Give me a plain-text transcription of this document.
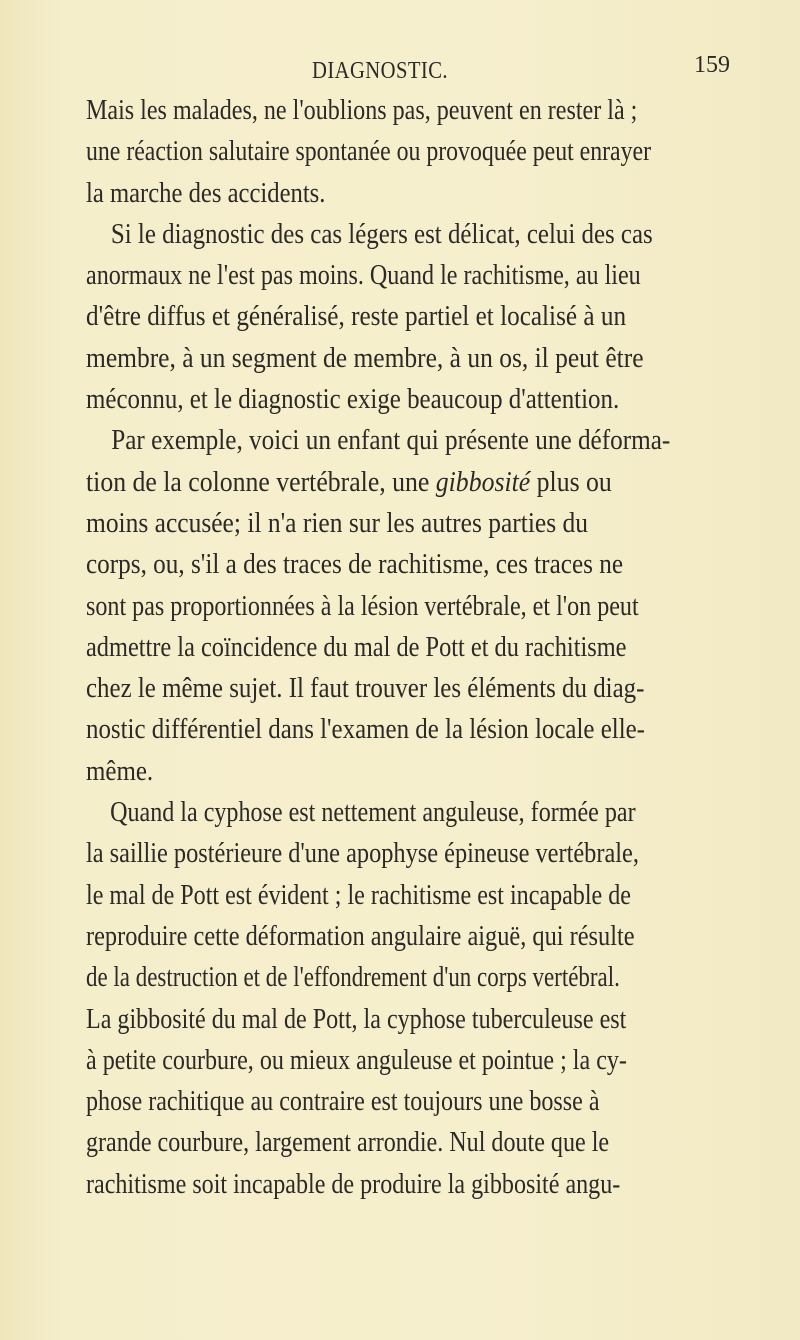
DIAGNOSTIC.	159
Mais les malades, ne l'oublions pas, peuvent en rester là ;
une réaction salutaire spontanée ou provoquée peut enrayer
la marche des accidents.
Si le diagnostic des cas légers est délicat, celui des cas
anormaux ne l'est pas moins. Quand le rachitisme, au lieu
d'être diffus et généralisé, reste partiel et localisé à un
membre, à un segment de membre, à un os, il peut être
méconnu, et le diagnostic exige beaucoup d'attention.
Par exemple, voici un enfant qui présente une déforma-
tion de la colonne vertébrale, une gibbosité plus ou
moins accusée; il n'a rien sur les autres parties du
corps, ou, s'il a des traces de rachitisme, ces traces ne
sont pas proportionnées à la lésion vertébrale, et l'on peut
admettre la coïncidence du mal de Pott et du rachitisme
chez le même sujet. Il faut trouver les éléments du diag-
nostic différentiel dans l'examen de la lésion locale elle-
même.
Quand la cyphose est nettement anguleuse, formée par
la saillie postérieure d'une apophyse épineuse vertébrale,
le mal de Pott est évident ; le rachitisme est incapable de
reproduire cette déformation angulaire aiguë, qui résulte
de la destruction et de l'effondrement d'un corps vertébral.
La gibbosité du mal de Pott, la cyphose tuberculeuse est
à petite courbure, ou mieux anguleuse et pointue ; la cy-
phose rachitique au contraire est toujours une bosse à
grande courbure, largement arrondie. Nul doute que le
rachitisme soit incapable de produire la gibbosité angu-
